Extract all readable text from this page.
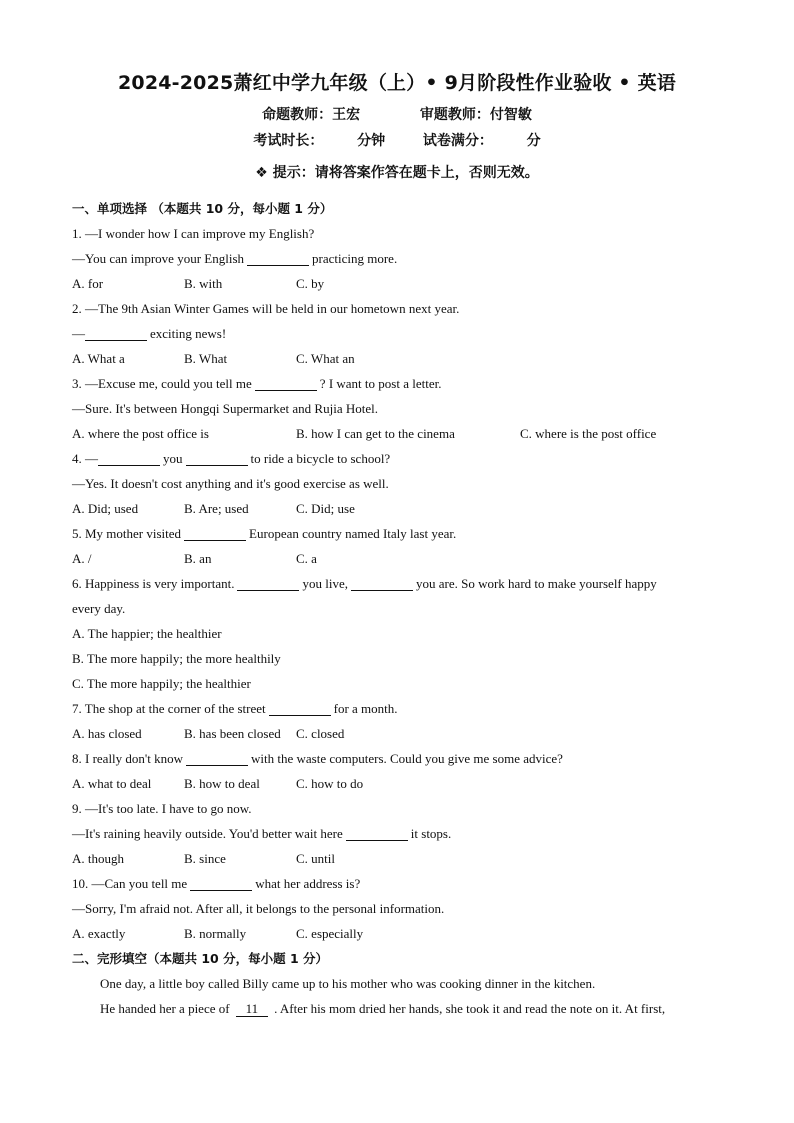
2024-2025萧红中学九年级（上）• 9月阶段性作业验收 • 英语
命题教师：王宏	审题教师：付智敏
考试时长： 分钟	试卷满分： 分
❖ 提示：请将答案作答在题卡上，否则无效。
一、单项选择 （本题共 10 分，每小题 1 分）
1. —I wonder how I can improve my English?
—You can improve your English	practicing more.
A. for	B. with	C. by
2. —The 9th Asian Winter Games will be held in our hometown next year.
—	exciting news!
A. What a	B. What	C. What an
3. —Excuse me, could you tell me	? I want to post a letter.
—Sure. It's between Hongqi Supermarket and Rujia Hotel.
A. where the post office is	B. how I can get to the cinema	C. where is the post office
4. —	you	to ride a bicycle to school?
—Yes. It doesn't cost anything and it's good exercise as well.
A. Did; used	B. Are; used	C. Did; use
5. My mother visited	European country named Italy last year.
A. /	B. an	C. a
6. Happiness is very important.	you live,	you are. So work hard to make yourself happy
every day.
A. The happier; the healthier
B. The more happily; the more healthily
C. The more happily; the healthier
7. The shop at the corner of the street	for a month.
A. has closed	B. has been closed	C. closed
8. I really don't know	with the waste computers. Could you give me some advice?
A. what to deal	B. how to deal	C. how to do
9. —It's too late. I have to go now.
—It's raining heavily outside. You'd better wait here	it stops.
A. though	B. since	C. until
10. —Can you tell me	what her address is?
—Sorry, I'm afraid not. After all, it belongs to the personal information.
A. exactly	B. normally	C. especially
二、完形填空（本题共 10 分，每小题 1 分）
One day, a little boy called Billy came up to his mother who was cooking dinner in the kitchen.
He handed her a piece of	11	. After his mom dried her hands, she took it and read the note on it. At first,
